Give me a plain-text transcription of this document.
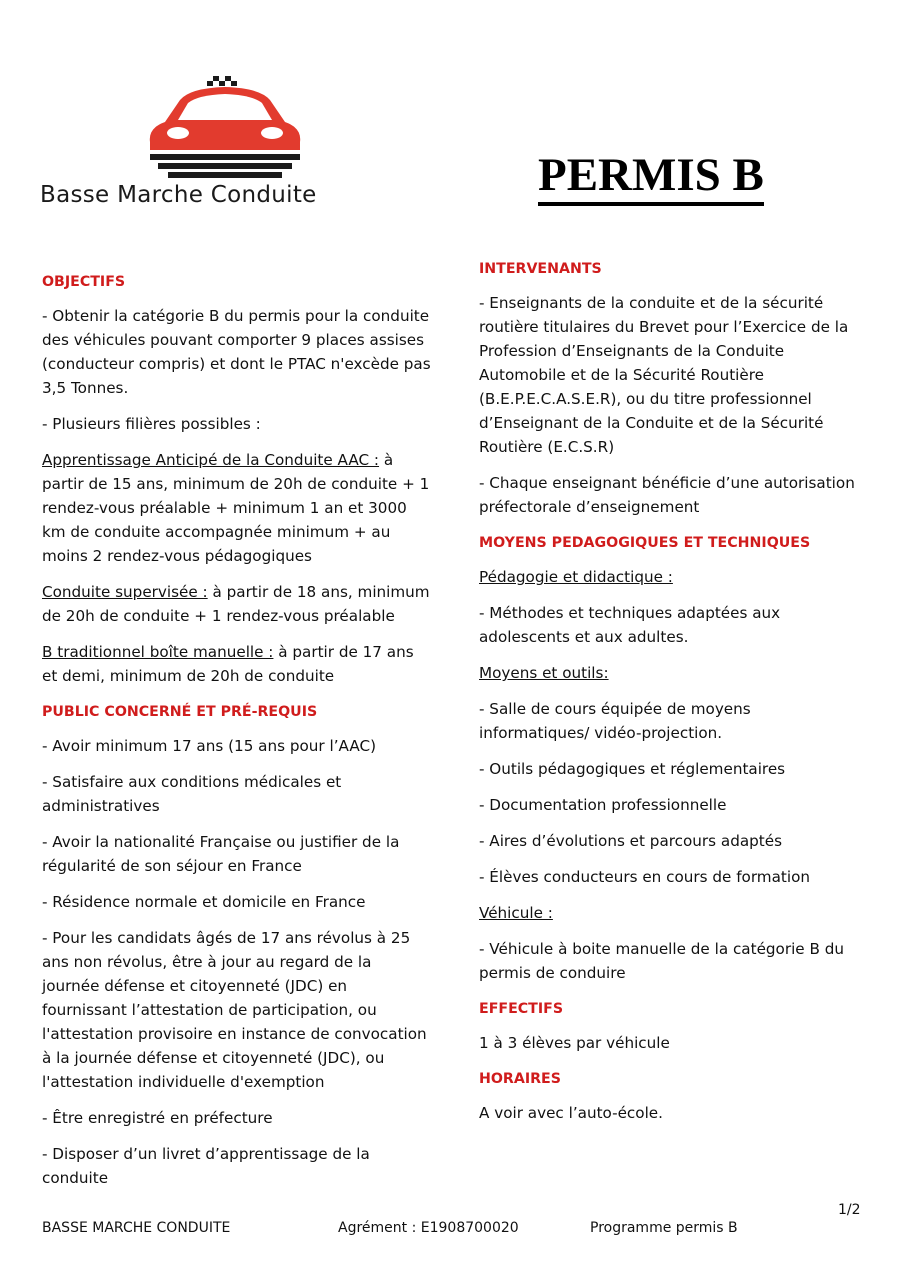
Basse Marche Conduite	PERMIS B
OBJECTIFS
- Obtenir la catégorie B du permis pour la conduite des véhicules pouvant comporter 9 places assises (conducteur compris) et dont le PTAC n'excède pas 3,5 Tonnes.
- Plusieurs filières possibles :
Apprentissage Anticipé de la Conduite AAC : à partir de 15 ans, minimum de 20h de conduite + 1 rendez-vous préalable + minimum 1 an et 3000 km de conduite accompagnée minimum + au moins 2 rendez-vous pédagogiques
Conduite supervisée : à partir de 18 ans, minimum de 20h de conduite + 1 rendez-vous préalable
B traditionnel boîte manuelle : à partir de 17 ans et demi, minimum de 20h de conduite
PUBLIC CONCERNÉ ET PRÉ-REQUIS
- Avoir minimum 17 ans (15 ans pour l’AAC)
- Satisfaire aux conditions médicales et administratives
- Avoir la nationalité Française ou justifier de la régularité de son séjour en France
- Résidence normale et domicile en France
- Pour les candidats âgés de 17 ans révolus à 25 ans non révolus, être à jour au regard de la journée défense et citoyenneté (JDC) en fournissant l’attestation de participation, ou l'attestation provisoire en instance de convocation à la journée défense et citoyenneté (JDC), ou l'attestation individuelle d'exemption
- Être enregistré en préfecture
- Disposer d’un livret d’apprentissage de la conduite
INTERVENANTS
- Enseignants de la conduite et de la sécurité routière titulaires du Brevet pour l’Exercice de la Profession d’Enseignants de la Conduite Automobile et de la Sécurité Routière (B.E.P.E.C.A.S.E.R), ou du titre professionnel d’Enseignant de la Conduite et de la Sécurité Routière (E.C.S.R)
- Chaque enseignant bénéficie d’une autorisation préfectorale d’enseignement
MOYENS PEDAGOGIQUES ET TECHNIQUES
Pédagogie et didactique :
- Méthodes et techniques adaptées aux adolescents et aux adultes.
Moyens et outils:
- Salle de cours équipée de moyens informatiques/ vidéo-projection.
- Outils pédagogiques et réglementaires
- Documentation professionnelle
- Aires d’évolutions et parcours adaptés
- Élèves conducteurs en cours de formation
Véhicule :
- Véhicule à boite manuelle de la catégorie B du permis de conduire
EFFECTIFS
1 à 3 élèves par véhicule
HORAIRES
A voir avec l’auto-école.
1/2
BASSE MARCHE CONDUITE	Agrément : E1908700020	Programme permis B
